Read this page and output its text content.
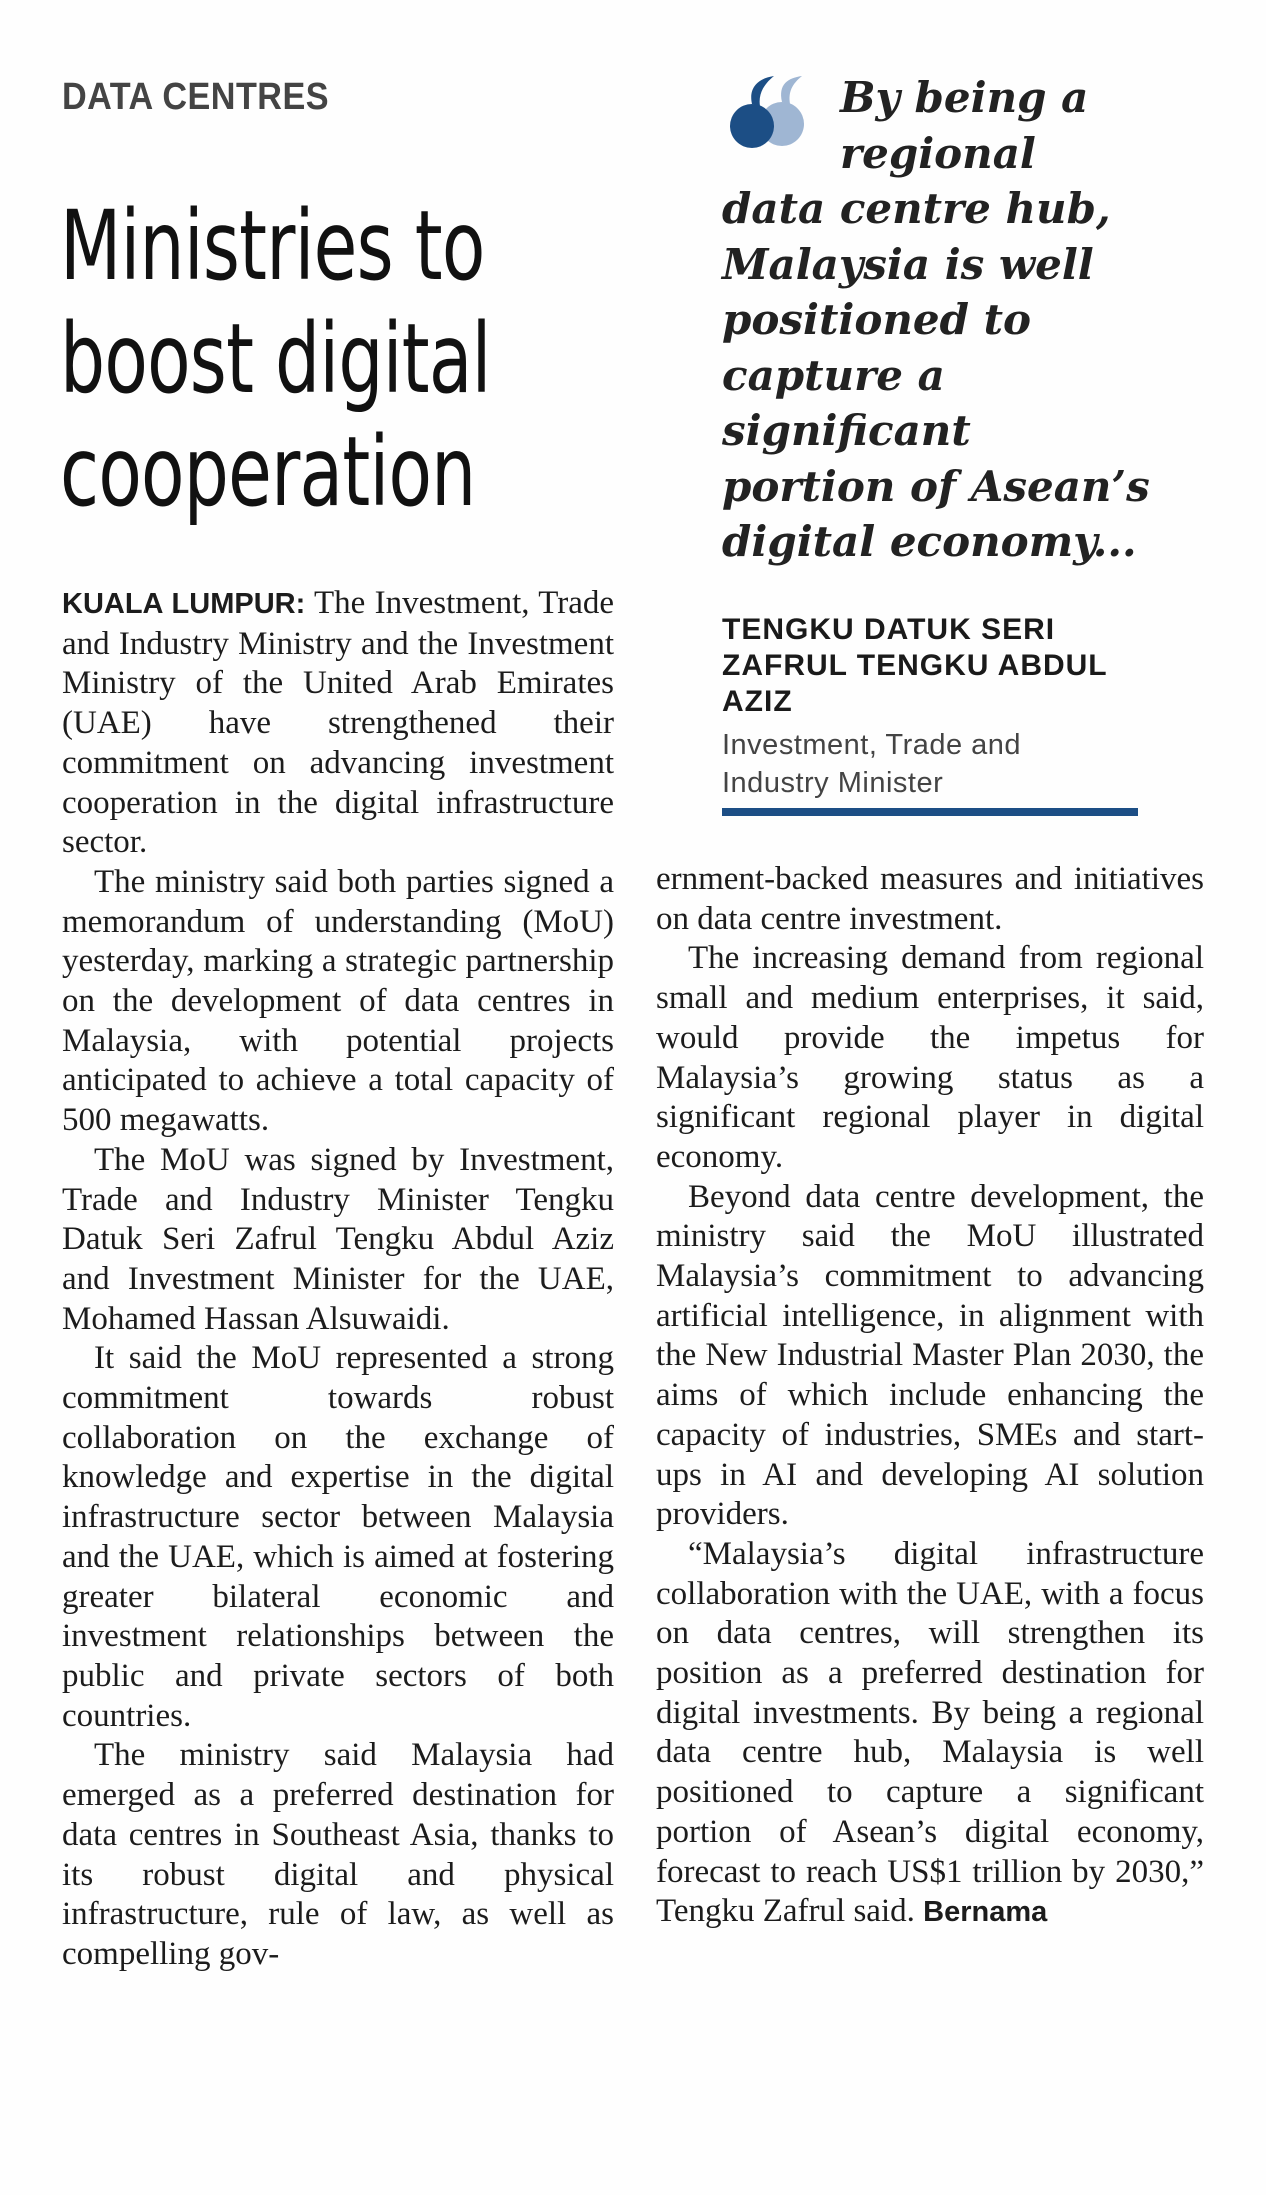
DATA CENTRES
Ministries to
boost digital
cooperation

By being a
regional
data centre hub,
Malaysia is well
positioned to
capture a
significant
portion of Asean’s
digital economy...

TENGKU DATUK SERI
ZAFRUL TENGKU ABDUL
AZIZ
Investment, Trade and
Industry Minister

KUALA LUMPUR: The Investment, Trade and Industry Ministry and the Investment Ministry of the United Arab Emirates (UAE) have strengthened their commitment on advancing investment cooperation in the digital infrastructure sector.

The ministry said both parties signed a memorandum of understanding (MoU) yesterday, marking a strategic partnership on the development of data centres in Malaysia, with potential projects anticipated to achieve a total capacity of 500 megawatts.

The MoU was signed by Investment, Trade and Industry Minister Tengku Datuk Seri Zafrul Tengku Abdul Aziz and Investment Minister for the UAE, Mohamed Hassan Alsuwaidi.

It said the MoU represented a strong commitment towards robust collaboration on the exchange of knowledge and expertise in the digital infrastructure sector between Malaysia and the UAE, which is aimed at fostering greater bilateral economic and investment relationships between the public and private sectors of both countries.

The ministry said Malaysia had emerged as a preferred destination for data centres in Southeast Asia, thanks to its robust digital and physical infrastructure, rule of law, as well as compelling gov-

ernment-backed measures and initiatives on data centre investment.

The increasing demand from regional small and medium enterprises, it said, would provide the impetus for Malaysia’s growing status as a significant regional player in digital economy.

Beyond data centre development, the ministry said the MoU illustrated Malaysia’s commitment to advancing artificial intelligence, in alignment with the New Industrial Master Plan 2030, the aims of which include enhancing the capacity of industries, SMEs and start-ups in AI and developing AI solution providers.

“Malaysia’s digital infrastructure collaboration with the UAE, with a focus on data centres, will strengthen its position as a preferred destination for digital investments. By being a regional data centre hub, Malaysia is well positioned to capture a significant portion of Asean’s digital economy, forecast to reach US$1 trillion by 2030,” Tengku Zafrul said. Bernama
